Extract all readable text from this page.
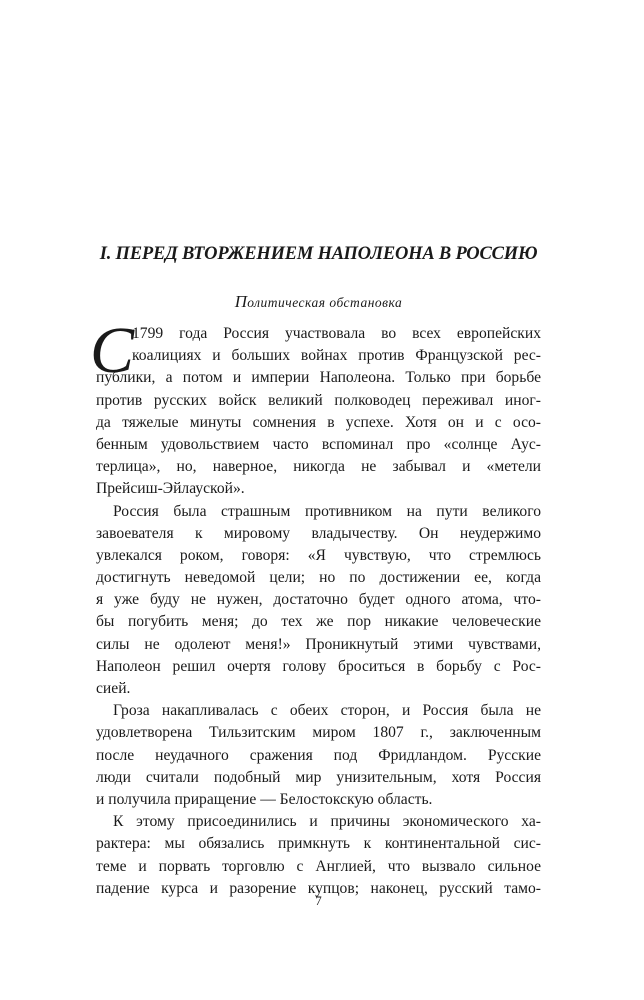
I. ПЕРЕД ВТОРЖЕНИЕМ НАПОЛЕОНА В РОССИЮ
Политическая обстановка
С
1799 года Россия участвовала во всех европейских
коалициях и больших войнах против Французской рес-
публики, а потом и империи Наполеона. Только при борьбе
против русских войск великий полководец переживал иног-
да тяжелые минуты сомнения в успехе. Хотя он и с осо-
бенным удовольствием часто вспоминал про «солнце Аус-
терлица», но, наверное, никогда не забывал и «метели
Прейсиш-Эйлауской».
Россия была страшным противником на пути великого
завоевателя к мировому владычеству. Он неудержимо
увлекался роком, говоря: «Я чувствую, что стремлюсь
достигнуть неведомой цели; но по достижении ее, когда
я уже буду не нужен, достаточно будет одного атома, что-
бы погубить меня; до тех же пор никакие человеческие
силы не одолеют меня!» Проникнутый этими чувствами,
Наполеон решил очертя голову броситься в борьбу с Рос-
сией.
Гроза накапливалась с обеих сторон, и Россия была не
удовлетворена Тильзитским миром 1807 г., заключенным
после неудачного сражения под Фридландом. Русские
люди считали подобный мир унизительным, хотя Россия
и получила приращение — Белостокскую область.
К этому присоединились и причины экономического ха-
рактера: мы обязались примкнуть к континентальной сис-
теме и порвать торговлю с Англией, что вызвало сильное
падение курса и разорение купцов; наконец, русский тамо-
7
